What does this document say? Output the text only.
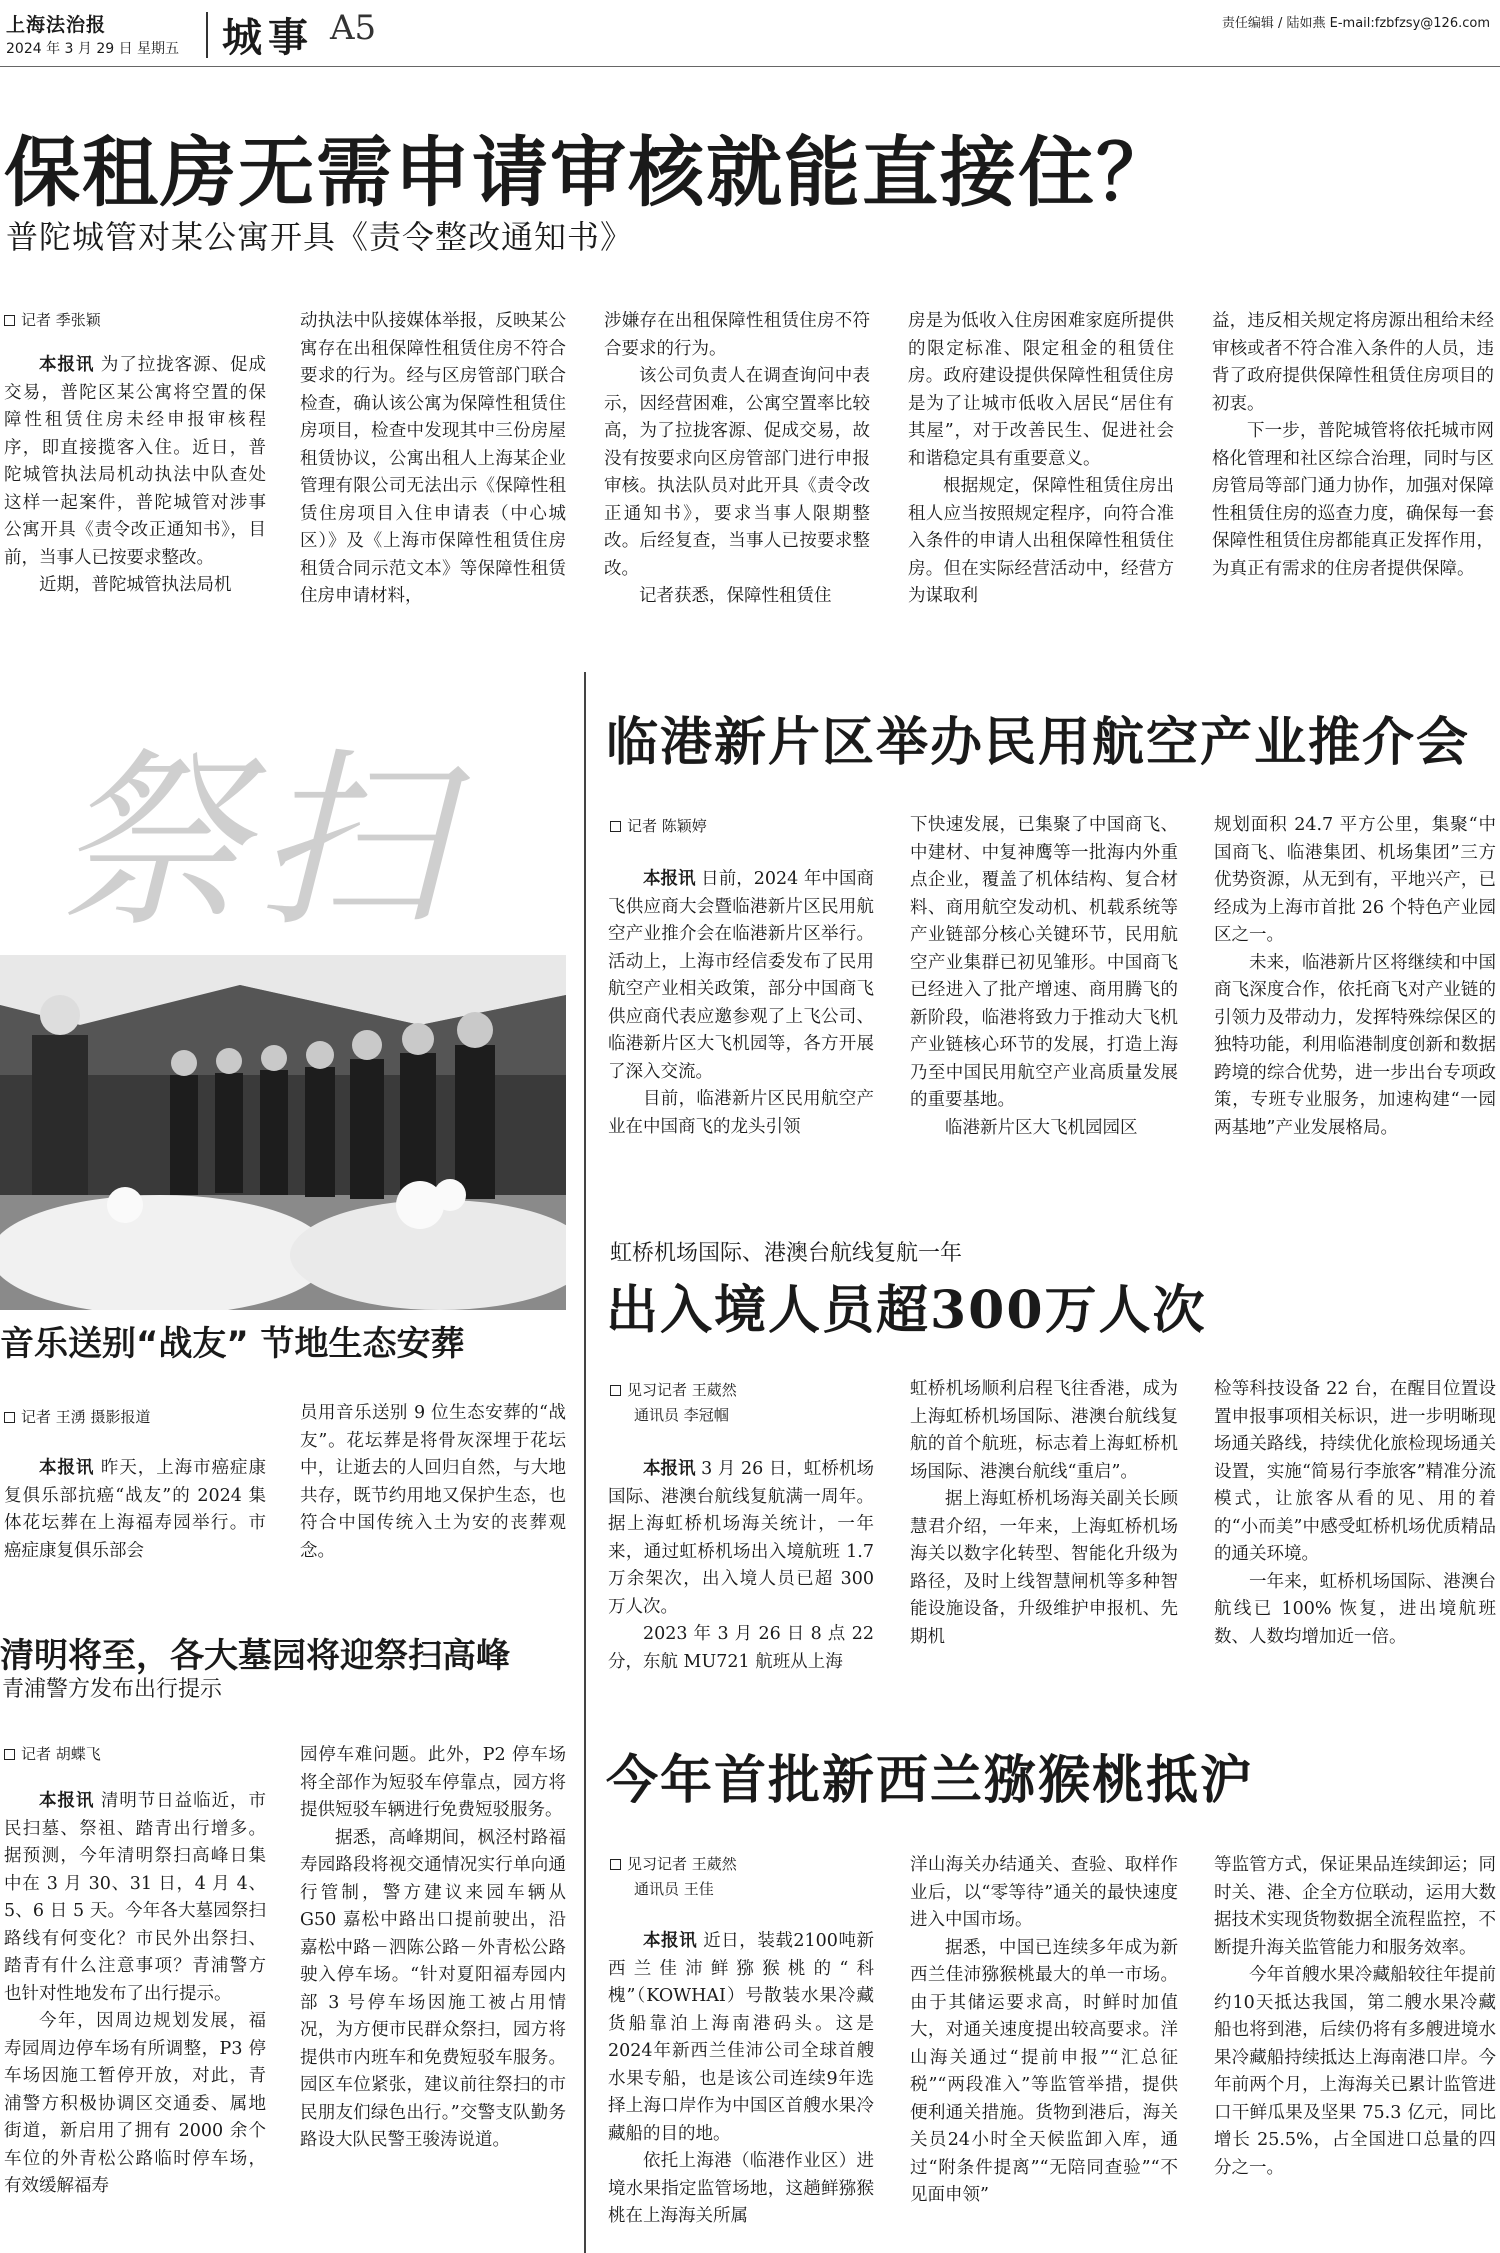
上海法治报
2024 年 3 月 29 日 星期五 城事 A5	责任编辑 / 陆如燕 E-mail:fzbfzsy@126.com
保租房无需申请审核就能直接住？
普陀城管对某公寓开具《责令整改通知书》
记者 季张颖

本报讯 为了拉拢客源、促成交易，普陀区某公寓将空置的保障性租赁住房未经申报审核程序，即直接揽客入住。近日，普陀城管执法局机动执法中队查处这样一起案件，普陀城管对涉事公寓开具《责令改正通知书》，目前，当事人已按要求整改。

近期，普陀城管执法局机

动执法中队接媒体举报，反映某公寓存在出租保障性租赁住房不符合要求的行为。经与区房管部门联合检查，确认该公寓为保障性租赁住房项目，检查中发现其中三份房屋租赁协议，公寓出租人上海某企业管理有限公司无法出示《保障性租赁住房项目入住申请表（中心城区）》及《上海市保障性租赁住房租赁合同示范文本》等保障性租赁住房申请材料，

涉嫌存在出租保障性租赁住房不符合要求的行为。

该公司负责人在调查询问中表示，因经营困难，公寓空置率比较高，为了拉拢客源、促成交易，故没有按要求向区房管部门进行申报审核。执法队员对此开具《责令改正通知书》，要求当事人限期整改。后经复查，当事人已按要求整改。

记者获悉，保障性租赁住

房是为低收入住房困难家庭所提供的限定标准、限定租金的租赁住房。政府建设提供保障性租赁住房是为了让城市低收入居民“居住有其屋”，对于改善民生、促进社会和谐稳定具有重要意义。

根据规定，保障性租赁住房出租人应当按照规定程序，向符合准入条件的申请人出租保障性租赁住房。但在实际经营活动中，经营方为谋取利

益，违反相关规定将房源出租给未经审核或者不符合准入条件的人员，违背了政府提供保障性租赁住房项目的初衷。

下一步，普陀城管将依托城市网格化管理和社区综合治理，同时与区房管局等部门通力协作，加强对保障性租赁住房的巡查力度，确保每一套保障性租赁住房都能真正发挥作用，为真正有需求的住房者提供保障。

祭扫
音乐送别“战友” 节地生态安葬
记者 王湧 摄影报道

本报讯 昨天，上海市癌症康复俱乐部抗癌“战友”的 2024 集体花坛葬在上海福寿园举行。市癌症康复俱乐部会

员用音乐送别 9 位生态安葬的“战友”。花坛葬是将骨灰深埋于花坛中，让逝去的人回归自然，与大地共存，既节约用地又保护生态，也符合中国传统入土为安的丧葬观念。

清明将至，各大墓园将迎祭扫高峰
青浦警方发布出行提示
记者 胡蝶飞

本报讯 清明节日益临近，市民扫墓、祭祖、踏青出行增多。据预测，今年清明祭扫高峰日集中在 3 月 30、31 日，4 月 4、5、6 日 5 天。今年各大墓园祭扫路线有何变化？市民外出祭扫、踏青有什么注意事项？青浦警方也针对性地发布了出行提示。

今年，因周边规划发展，福寿园周边停车场有所调整，P3 停车场因施工暂停开放，对此，青浦警方积极协调区交通委、属地街道，新启用了拥有 2000 余个车位的外青松公路临时停车场，有效缓解福寿

园停车难问题。此外，P2 停车场将全部作为短驳车停靠点，园方将提供短驳车辆进行免费短驳服务。

据悉，高峰期间，枫泾村路福寿园路段将视交通情况实行单向通行管制，警方建议来园车辆从 G50 嘉松中路出口提前驶出，沿嘉松中路－泗陈公路－外青松公路驶入停车场。“针对夏阳福寿园内部 3 号停车场因施工被占用情况，为方便市民群众祭扫，园方将提供市内班车和免费短驳车服务。园区车位紧张，建议前往祭扫的市民朋友们绿色出行。”交警支队勤务路设大队民警王骏涛说道。

临港新片区举办民用航空产业推介会
记者 陈颖婷

本报讯 日前，2024 年中国商飞供应商大会暨临港新片区民用航空产业推介会在临港新片区举行。活动上，上海市经信委发布了民用航空产业相关政策，部分中国商飞供应商代表应邀参观了上飞公司、临港新片区大飞机园等，各方开展了深入交流。

目前，临港新片区民用航空产业在中国商飞的龙头引领

下快速发展，已集聚了中国商飞、中建材、中复神鹰等一批海内外重点企业，覆盖了机体结构、复合材料、商用航空发动机、机载系统等产业链部分核心关键环节，民用航空产业集群已初见雏形。中国商飞已经进入了批产增速、商用腾飞的新阶段，临港将致力于推动大飞机产业链核心环节的发展，打造上海乃至中国民用航空产业高质量发展的重要基地。

临港新片区大飞机园园区

规划面积 24.7 平方公里，集聚“中国商飞、临港集团、机场集团”三方优势资源，从无到有，平地兴产，已经成为上海市首批 26 个特色产业园区之一。

未来，临港新片区将继续和中国商飞深度合作，依托商飞对产业链的引领力及带动力，发挥特殊综保区的独特功能，利用临港制度创新和数据跨境的综合优势，进一步出台专项政策，专班专业服务，加速构建“一园两基地”产业发展格局。

虹桥机场国际、港澳台航线复航一年
出入境人员超300万人次
见习记者 王葳然
通讯员 李冠帼

本报讯 3 月 26 日，虹桥机场国际、港澳台航线复航满一周年。据上海虹桥机场海关统计，一年来，通过虹桥机场出入境航班 1.7 万余架次，出入境人员已超 300 万人次。

2023 年 3 月 26 日 8 点 22 分，东航 MU721 航班从上海

虹桥机场顺利启程飞往香港，成为上海虹桥机场国际、港澳台航线复航的首个航班，标志着上海虹桥机场国际、港澳台航线“重启”。

据上海虹桥机场海关副关长顾慧君介绍，一年来，上海虹桥机场海关以数字化转型、智能化升级为路径，及时上线智慧闸机等多种智能设施设备，升级维护申报机、先期机

检等科技设备 22 台，在醒目位置设置申报事项相关标识，进一步明晰现场通关路线，持续优化旅检现场通关设置，实施“简易行李旅客”精准分流模式，让旅客从看的见、用的着的“小而美”中感受虹桥机场优质精品的通关环境。

一年来，虹桥机场国际、港澳台航线已 100% 恢复，进出境航班数、人数均增加近一倍。

今年首批新西兰猕猴桃抵沪
见习记者 王葳然
通讯员 王佳

本报讯 近日，装载2100吨新西兰佳沛鲜猕猴桃的“科槐”（KOWHAI）号散装水果冷藏货船靠泊上海南港码头。这是2024年新西兰佳沛公司全球首艘水果专船，也是该公司连续9年选择上海口岸作为中国区首艘水果冷藏船的目的地。

依托上海港（临港作业区）进境水果指定监管场地，这趟鲜猕猴桃在上海海关所属

洋山海关办结通关、查验、取样作业后，以“零等待”通关的最快速度进入中国市场。

据悉，中国已连续多年成为新西兰佳沛猕猴桃最大的单一市场。由于其储运要求高，时鲜时加值大，对通关速度提出较高要求。洋山海关通过“提前申报”“汇总征税”“两段准入”等监管举措，提供便利通关措施。货物到港后，海关关员24小时全天候监卸入库，通过“附条件提离”“无陪同查验”“不见面申领”

等监管方式，保证果品连续卸运；同时关、港、企全方位联动，运用大数据技术实现货物数据全流程监控，不断提升海关监管能力和服务效率。

今年首艘水果冷藏船较往年提前约10天抵达我国，第二艘水果冷藏船也将到港，后续仍将有多艘进境水果冷藏船持续抵达上海南港口岸。今年前两个月，上海海关已累计监管进口干鲜瓜果及坚果 75.3 亿元，同比增长 25.5%，占全国进口总量的四分之一。
